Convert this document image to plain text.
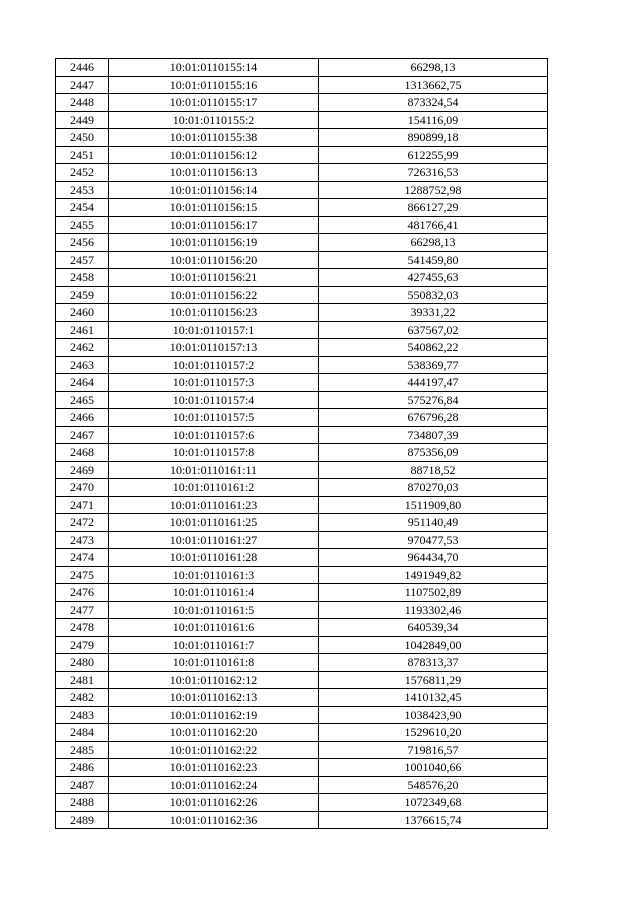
2446	10:01:0110155:14	66298,13
2447	10:01:0110155:16	1313662,75
2448	10:01:0110155:17	873324,54
2449	10:01:0110155:2	154116,09
2450	10:01:0110155:38	890899,18
2451	10:01:0110156:12	612255,99
2452	10:01:0110156:13	726316,53
2453	10:01:0110156:14	1288752,98
2454	10:01:0110156:15	866127,29
2455	10:01:0110156:17	481766,41
2456	10:01:0110156:19	66298,13
2457	10:01:0110156:20	541459,80
2458	10:01:0110156:21	427455,63
2459	10:01:0110156:22	550832,03
2460	10:01:0110156:23	39331,22
2461	10:01:0110157:1	637567,02
2462	10:01:0110157:13	540862,22
2463	10:01:0110157:2	538369,77
2464	10:01:0110157:3	444197,47
2465	10:01:0110157:4	575276,84
2466	10:01:0110157:5	676796,28
2467	10:01:0110157:6	734807,39
2468	10:01:0110157:8	875356,09
2469	10:01:0110161:11	88718,52
2470	10:01:0110161:2	870270,03
2471	10:01:0110161:23	1511909,80
2472	10:01:0110161:25	951140,49
2473	10:01:0110161:27	970477,53
2474	10:01:0110161:28	964434,70
2475	10:01:0110161:3	1491949,82
2476	10:01:0110161:4	1107502,89
2477	10:01:0110161:5	1193302,46
2478	10:01:0110161:6	640539,34
2479	10:01:0110161:7	1042849,00
2480	10:01:0110161:8	878313,37
2481	10:01:0110162:12	1576811,29
2482	10:01:0110162:13	1410132,45
2483	10:01:0110162:19	1038423,90
2484	10:01:0110162:20	1529610,20
2485	10:01:0110162:22	719816,57
2486	10:01:0110162:23	1001040,66
2487	10:01:0110162:24	548576,20
2488	10:01:0110162:26	1072349,68
2489	10:01:0110162:36	1376615,74
